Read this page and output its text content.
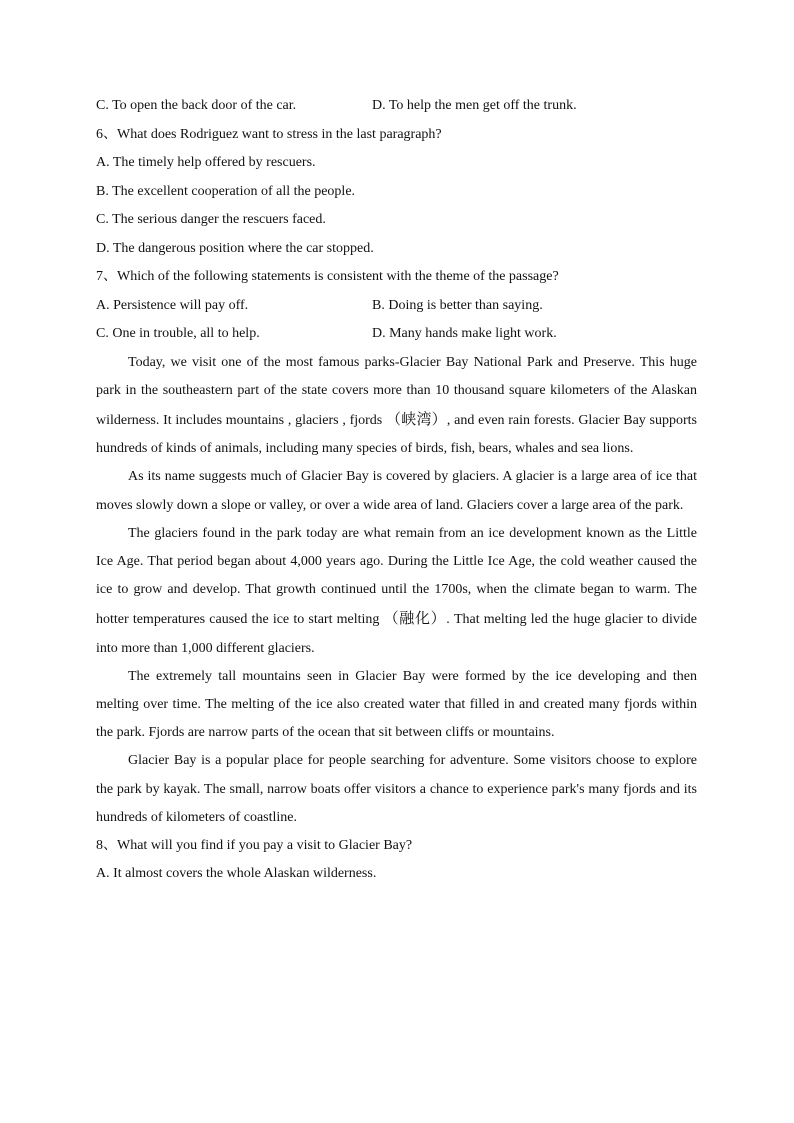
C. To open the back door of the car.	D. To help the men get off the trunk.
6、What does Rodriguez want to stress in the last paragraph?
A. The timely help offered by rescuers.
B. The excellent cooperation of all the people.
C. The serious danger the rescuers faced.
D. The dangerous position where the car stopped.
7、Which of the following statements is consistent with the theme of the passage?
A. Persistence will pay off.	B. Doing is better than saying.
C. One in trouble, all to help.	D. Many hands make light work.

Today, we visit one of the most famous parks-Glacier Bay National Park and Preserve. This huge park in the southeastern part of the state covers more than 10 thousand square kilometers of the Alaskan wilderness. It includes mountains , glaciers , fjords （峡湾）, and even rain forests. Glacier Bay supports hundreds of kinds of animals, including many species of birds, fish, bears, whales and sea lions.

As its name suggests much of Glacier Bay is covered by glaciers. A glacier is a large area of ice that moves slowly down a slope or valley, or over a wide area of land. Glaciers cover a large area of the park.

The glaciers found in the park today are what remain from an ice development known as the Little Ice Age. That period began about 4,000 years ago. During the Little Ice Age, the cold weather caused the ice to grow and develop. That growth continued until the 1700s, when the climate began to warm. The hotter temperatures caused the ice to start melting （融化）. That melting led the huge glacier to divide into more than 1,000 different glaciers.

The extremely tall mountains seen in Glacier Bay were formed by the ice developing and then melting over time. The melting of the ice also created water that filled in and created many fjords within the park. Fjords are narrow parts of the ocean that sit between cliffs or mountains.

Glacier Bay is a popular place for people searching for adventure. Some visitors choose to explore the park by kayak. The small, narrow boats offer visitors a chance to experience park's many fjords and its hundreds of kilometers of coastline.

8、What will you find if you pay a visit to Glacier Bay?
A. It almost covers the whole Alaskan wilderness.
